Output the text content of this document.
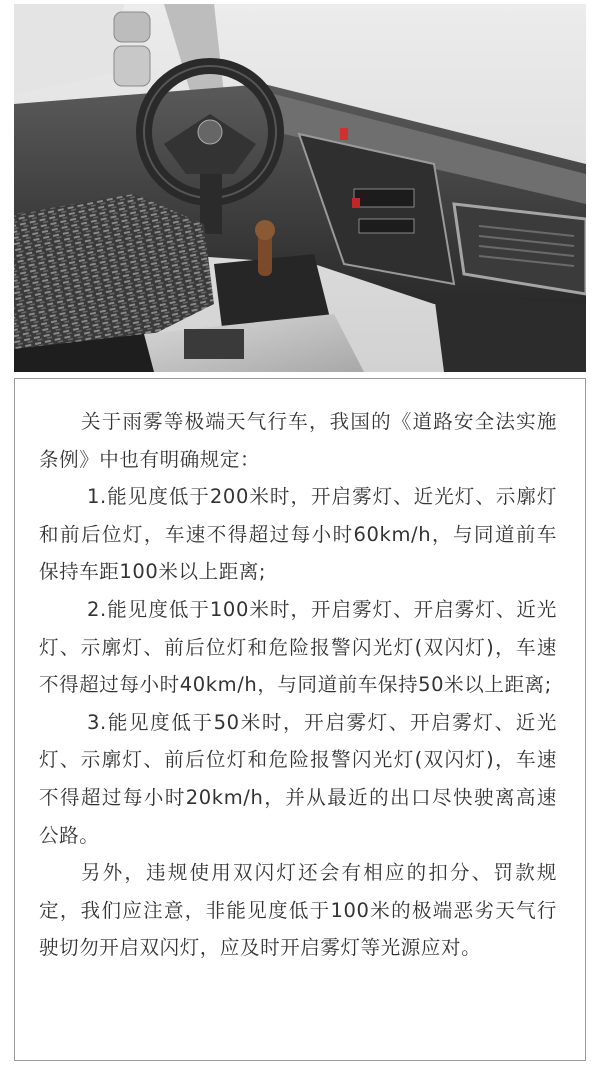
关于雨雾等极端天气行车，我国的《道路安全法实施条例》中也有明确规定：

1.能见度低于200米时，开启雾灯、近光灯、示廓灯和前后位灯，车速不得超过每小时60km/h，与同道前车保持车距100米以上距离;

2.能见度低于100米时，开启雾灯、开启雾灯、近光灯、示廓灯、前后位灯和危险报警闪光灯(双闪灯)，车速不得超过每小时40km/h，与同道前车保持50米以上距离;

3.能见度低于50米时，开启雾灯、开启雾灯、近光灯、示廓灯、前后位灯和危险报警闪光灯(双闪灯)，车速不得超过每小时20km/h，并从最近的出口尽快驶离高速公路。

另外，违规使用双闪灯还会有相应的扣分、罚款规定，我们应注意，非能见度低于100米的极端恶劣天气行驶切勿开启双闪灯，应及时开启雾灯等光源应对。
